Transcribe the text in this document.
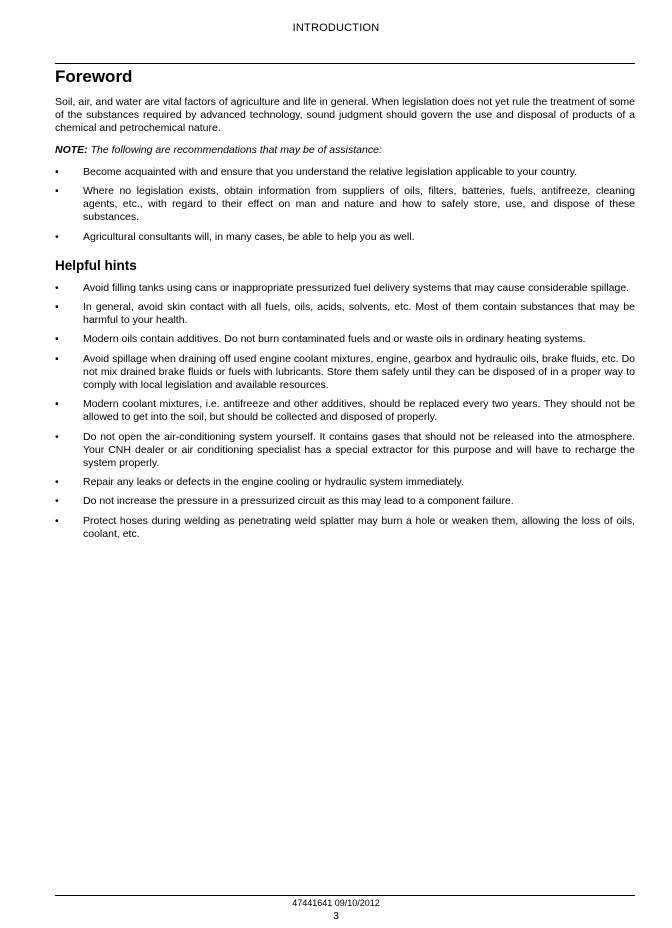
INTRODUCTION
Foreword

Soil, air, and water are vital factors of agriculture and life in general. When legislation does not yet rule the treatment of some of the substances required by advanced technology, sound judgment should govern the use and disposal of products of a chemical and petrochemical nature.

NOTE: The following are recommendations that may be of assistance:

• Become acquainted with and ensure that you understand the relative legislation applicable to your country.
• Where no legislation exists, obtain information from suppliers of oils, filters, batteries, fuels, antifreeze, cleaning agents, etc., with regard to their effect on man and nature and how to safely store, use, and dispose of these substances.
• Agricultural consultants will, in many cases, be able to help you as well.
Helpful hints
• Avoid filling tanks using cans or inappropriate pressurized fuel delivery systems that may cause considerable spillage.
• In general, avoid skin contact with all fuels, oils, acids, solvents, etc. Most of them contain substances that may be harmful to your health.
• Modern oils contain additives. Do not burn contaminated fuels and or waste oils in ordinary heating systems.
• Avoid spillage when draining off used engine coolant mixtures, engine, gearbox and hydraulic oils, brake fluids, etc. Do not mix drained brake fluids or fuels with lubricants. Store them safely until they can be disposed of in a proper way to comply with local legislation and available resources.
• Modern coolant mixtures, i.e. antifreeze and other additives, should be replaced every two years. They should not be allowed to get into the soil, but should be collected and disposed of properly.
• Do not open the air-conditioning system yourself. It contains gases that should not be released into the atmosphere. Your CNH dealer or air conditioning specialist has a special extractor for this purpose and will have to recharge the system properly.
• Repair any leaks or defects in the engine cooling or hydraulic system immediately.
• Do not increase the pressure in a pressurized circuit as this may lead to a component failure.
• Protect hoses during welding as penetrating weld splatter may burn a hole or weaken them, allowing the loss of oils, coolant, etc.
47441641 09/10/2012
3
